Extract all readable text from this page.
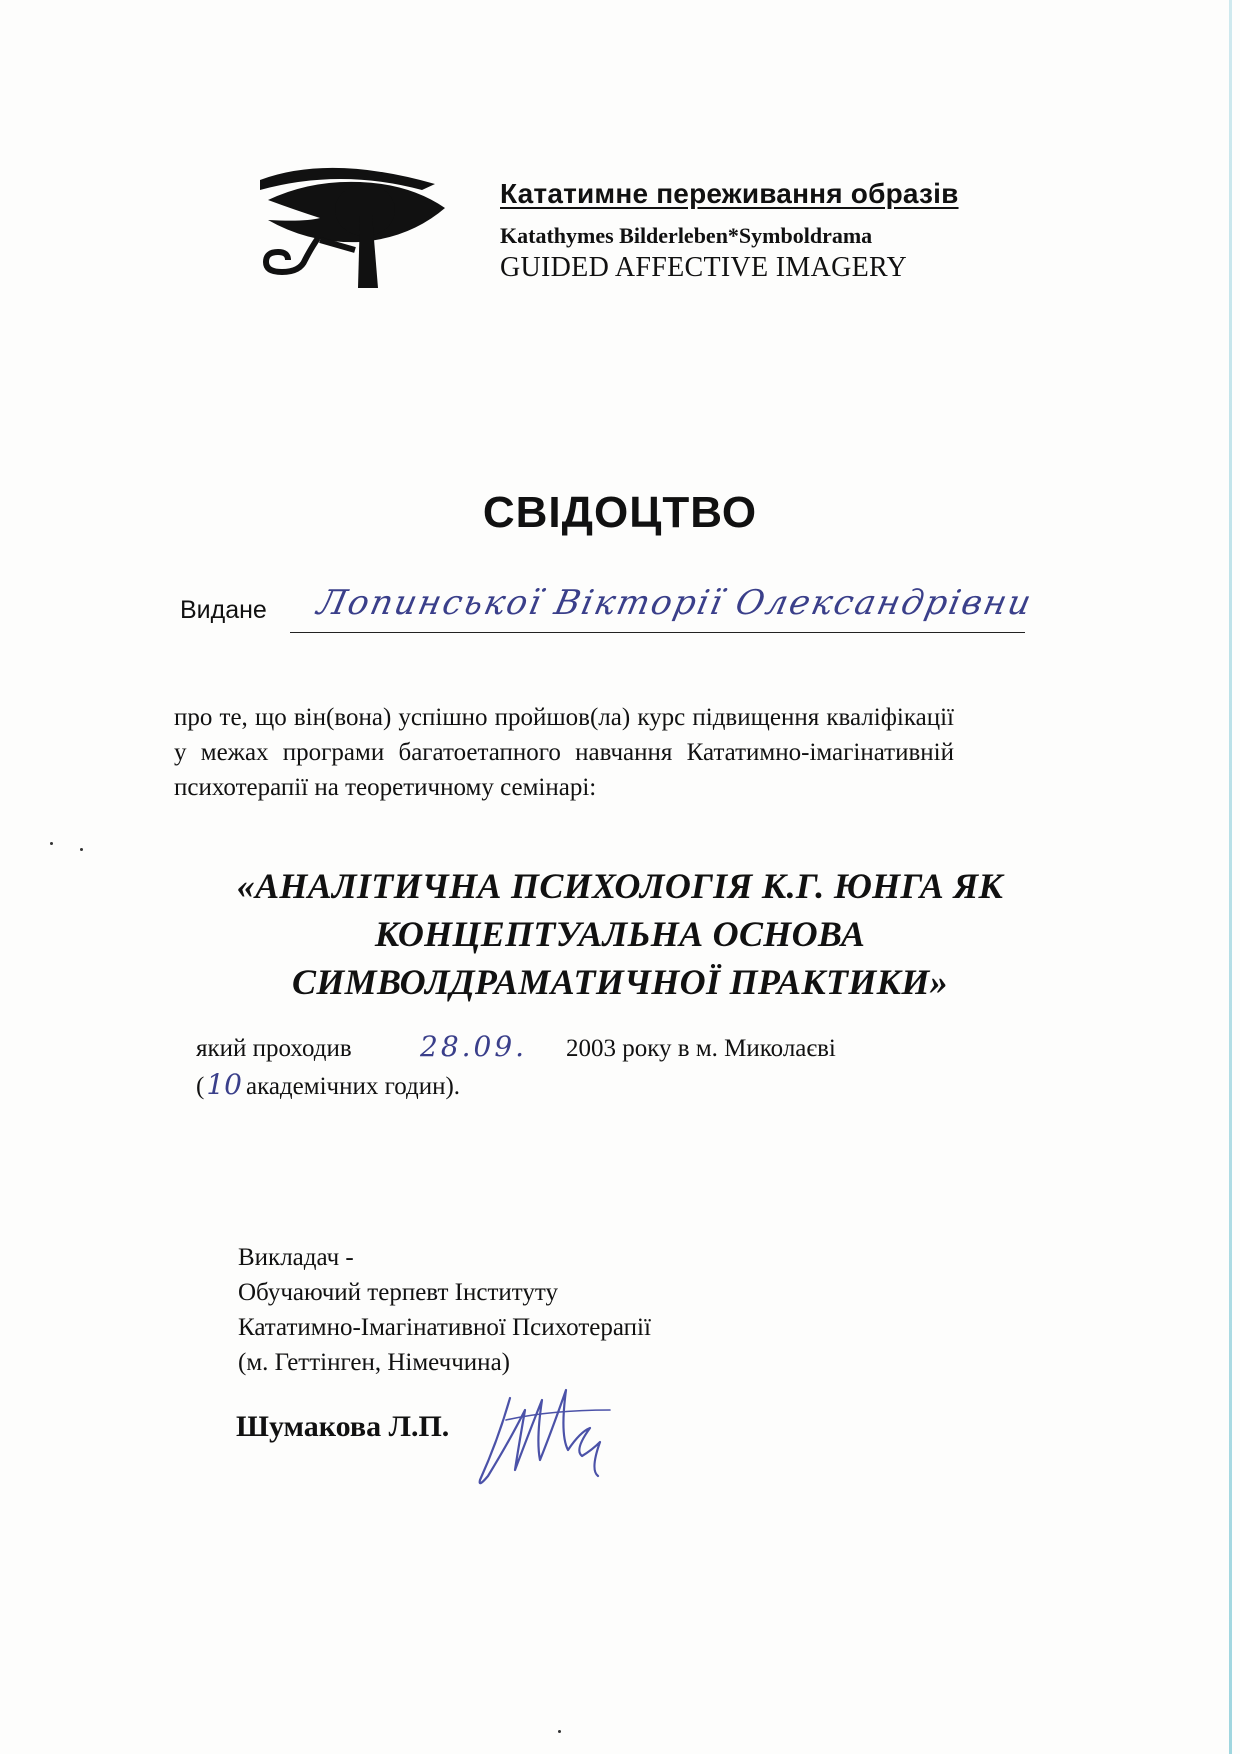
Кататимне переживання образів
Katathymes Bilderleben*Symboldrama
GUIDED AFFECTIVE IMAGERY
СВІДОЦТВО
Видане Лопинської Вікторії Олександрівни
про те, що він(вона) успішно пройшов(ла) курс підвищення кваліфікації у межах програми багатоетапного навчання Кататимно-імагінативній психотерапії на теоретичному семінарі:
«АНАЛІТИЧНА ПСИХОЛОГІЯ К.Г. ЮНГА ЯК
КОНЦЕПТУАЛЬНА ОСНОВА
СИМВОЛДРАМАТИЧНОЇ ПРАКТИКИ»
який проходив 28.09. 2003 року в м. Миколаєві
(10 академічних годин).
Викладач -
Обучаючий терпевт Інституту
Кататимно-Імагінативної Психотерапії
(м. Геттінген, Німеччина)
Шумакова Л.П.
